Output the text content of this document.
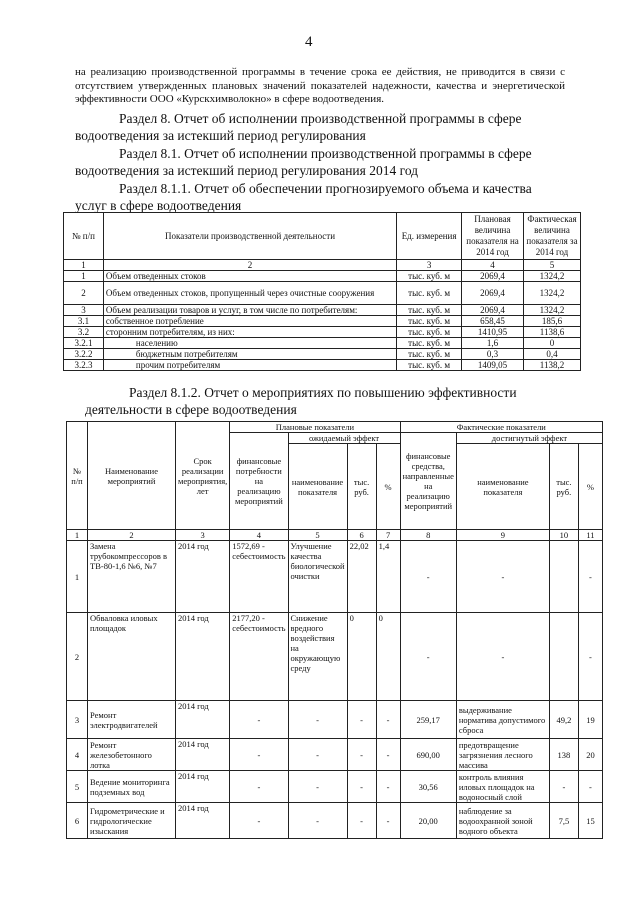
4
на реализацию производственной программы в течение срока ее действия, не приводится в связи с отсутствием утвержденных плановых значений показателей надежности, качества и энергетической эффективности ООО «Курскхимволокно» в сфере водоотведения.
Раздел 8. Отчет об исполнении производственной программы в сфере водоотведения за истекший период регулирования
Раздел 8.1. Отчет об исполнении производственной программы в сфере водоотведения за истекший период регулирования 2014 год
Раздел 8.1.1. Отчет об обеспечении прогнозируемого объема и качества услуг в сфере водоотведения
№ п/п	Показатели производственной деятельности	Ед. измерения	Плановая величина показателя на 2014 год	Фактическая величина показателя за 2014 год
1	2	3	4	5
1	Объем отведенных стоков	тыс. куб. м	2069,4	1324,2
2	Объем отведенных стоков, пропущенный через очистные сооружения	тыс. куб. м	2069,4	1324,2
3	Объем реализации товаров и услуг, в том числе по потребителям:	тыс. куб. м	2069,4	1324,2
3.1	собственное потребление	тыс. куб. м	658,45	185,6
3.2	сторонним потребителям, из них:	тыс. куб. м	1410,95	1138,6
3.2.1	населению	тыс. куб. м	1,6	0
3.2.2	бюджетным потребителям	тыс. куб. м	0,3	0,4
3.2.3	прочим потребителям	тыс. куб. м	1409,05	1138,2
Раздел 8.1.2. Отчет о мероприятиях по повышению эффективности деятельности в сфере водоотведения
№ п/п	Наименование мероприятий	Срок реализации мероприятия, лет	Плановые показатели				Фактические показатели			
			финансовые потребности на реализацию мероприятий	ожидаемый эффект			финансовые средства, направленные на реализацию мероприятий	достигнутый эффект		
				наименование показателя	тыс. руб.	%		наименование показателя	тыс. руб.	%
1	2	3	4	5	6	7	8	9	10	11
1	Замена трубокомпрессоров в ТВ-80-1,6 №6, №7	2014 год	1572,69 - себестоимость	Улучшение качества биологической очистки	22,02	1,4	-	-		-
2	Обваловка иловых площадок	2014 год	2177,20 - себестоимость	Снижение вредного воздействия на окружающую среду	0	0	-	-		-
3	Ремонт электродвигателей	2014 год	-	-	-	-	259,17	выдерживание норматива допустимого сброса	49,2	19
4	Ремонт железобетонного лотка	2014 год	-	-	-	-	690,00	предотвращение загрязнения лесного массива	138	20
5	Ведение мониторинга подземных вод	2014 год	-	-	-	-	30,56	контроль влияния иловых площадок на водоносный слой	-	-
6	Гидрометрические и гидрологические изыскания	2014 год	-	-	-	-	20,00	наблюдение за водоохранной зоной водного объекта	7,5	15
